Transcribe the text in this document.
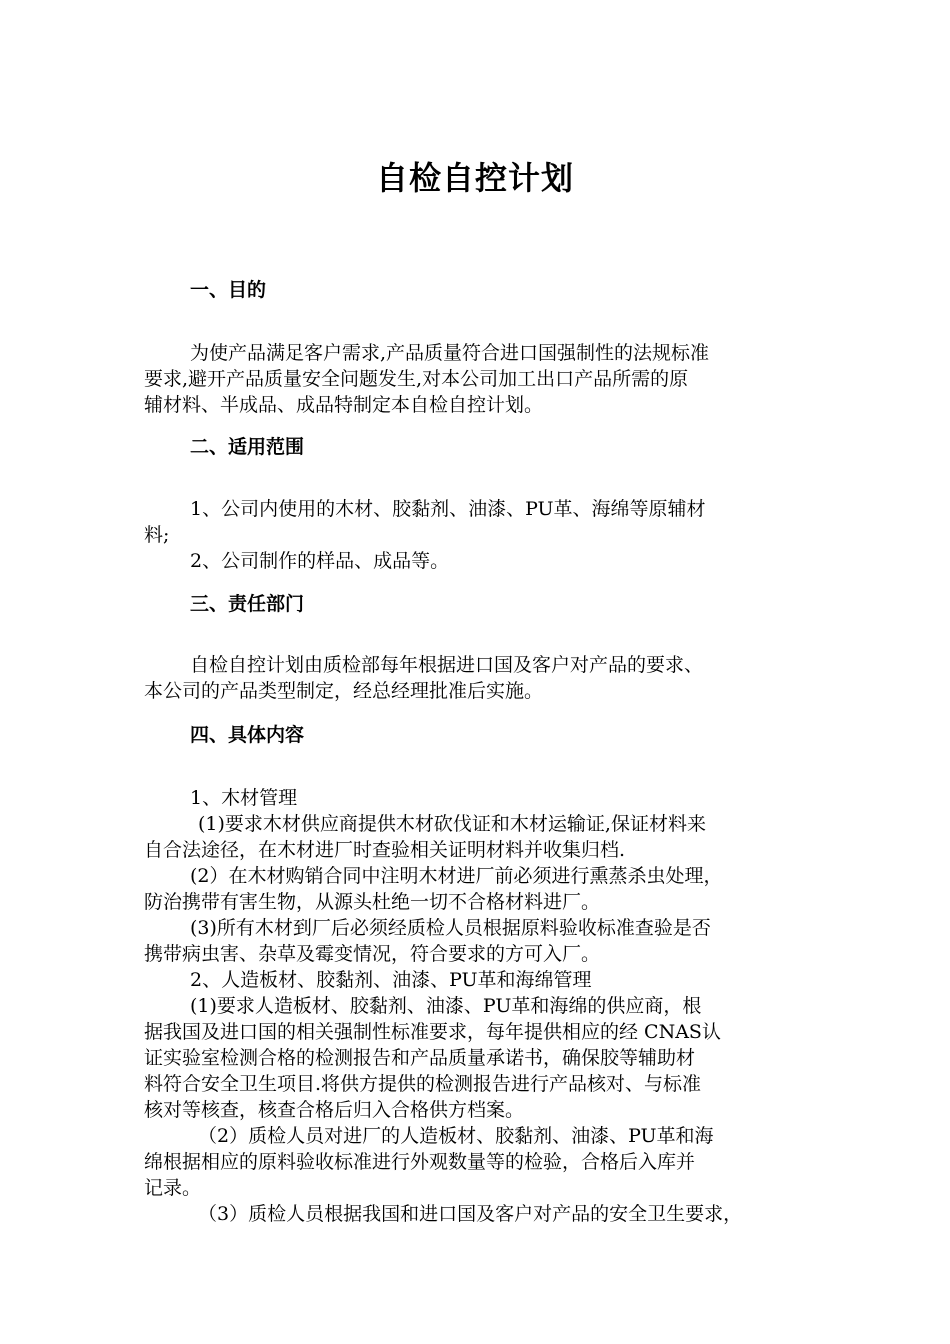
自检自控计划
一、目的
为使产品满足客户需求,产品质量符合进口国强制性的法规标准
要求,避开产品质量安全问题发生,对本公司加工出口产品所需的原
辅材料、半成品、成品特制定本自检自控计划。
二、适用范围
1、公司内使用的木材、胶黏剂、油漆、PU革、海绵等原辅材
料;
2、公司制作的样品、成品等。
三、责任部门
自检自控计划由质检部每年根据进口国及客户对产品的要求、
本公司的产品类型制定，经总经理批准后实施。
四、具体内容
1、木材管理
(1)要求木材供应商提供木材砍伐证和木材运输证,保证材料来
自合法途径，在木材进厂时查验相关证明材料并收集归档.
(2）在木材购销合同中注明木材进厂前必须进行熏蒸杀虫处理，
防治携带有害生物，从源头杜绝一切不合格材料进厂。
(3)所有木材到厂后必须经质检人员根据原料验收标准查验是否
携带病虫害、杂草及霉变情况，符合要求的方可入厂。
2、人造板材、胶黏剂、油漆、PU革和海绵管理
(1)要求人造板材、胶黏剂、油漆、PU革和海绵的供应商，根
据我国及进口国的相关强制性标准要求，每年提供相应的经 CNAS认
证实验室检测合格的检测报告和产品质量承诺书，确保胶等辅助材
料符合安全卫生项目.将供方提供的检测报告进行产品核对、与标准
核对等核查，核查合格后归入合格供方档案。
（2）质检人员对进厂的人造板材、胶黏剂、油漆、PU革和海
绵根据相应的原料验收标准进行外观数量等的检验，合格后入库并
记录。
（3）质检人员根据我国和进口国及客户对产品的安全卫生要求，
